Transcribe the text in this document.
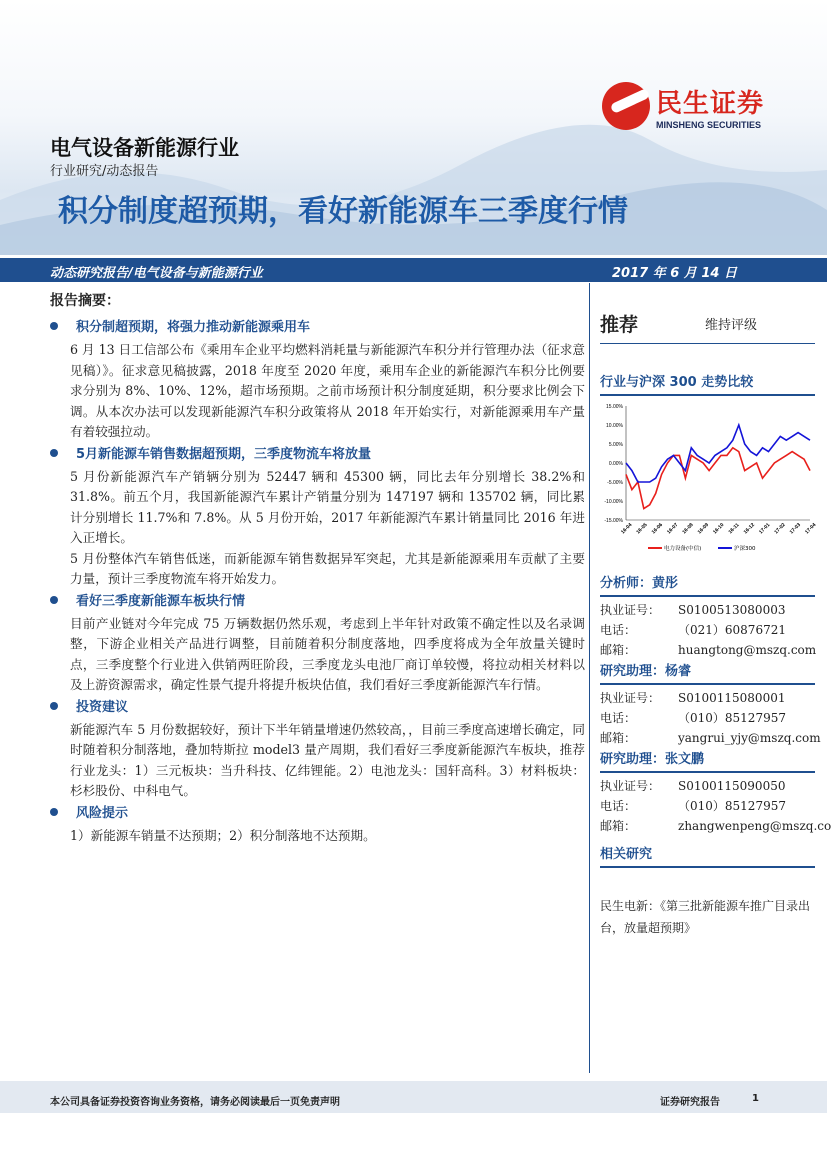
民生证券
MINSHENG SECURITIES
电气设备新能源行业
行业研究/动态报告
积分制度超预期，看好新能源车三季度行情
动态研究报告/电气设备与新能源行业	2017 年 6 月 14 日
报告摘要：
积分制超预期，将强力推动新能源乘用车
6 月 13 日工信部公布《乘用车企业平均燃料消耗量与新能源汽车积分并行管理办法（征求意见稿）》。征求意见稿披露，2018 年度至 2020 年度，乘用车企业的新能源汽车积分比例要求分别为 8%、10%、12%，超市场预期。之前市场预计积分制度延期，积分要求比例会下调。从本次办法可以发现新能源汽车积分政策将从 2018 年开始实行，对新能源乘用车产量有着较强拉动。
5月新能源车销售数据超预期，三季度物流车将放量
5 月份新能源汽车产销辆分别为 52447 辆和 45300 辆，同比去年分别增长 38.2%和 31.8%。前五个月，我国新能源汽车累计产销量分别为 147197 辆和 135702 辆，同比累计分别增长 11.7%和 7.8%。从 5 月份开始，2017 年新能源汽车累计销量同比 2016 年进入正增长。
5 月份整体汽车销售低迷，而新能源车销售数据异军突起，尤其是新能源乘用车贡献了主要力量，预计三季度物流车将开始发力。
看好三季度新能源车板块行情
目前产业链对今年完成 75 万辆数据仍然乐观，考虑到上半年针对政策不确定性以及名录调整，下游企业相关产品进行调整，目前随着积分制度落地，四季度将成为全年放量关键时点，三季度整个行业进入供销两旺阶段，三季度龙头电池厂商订单较慢，将拉动相关材料以及上游资源需求，确定性景气提升将提升板块估值，我们看好三季度新能源汽车行情。
投资建议
新能源汽车 5 月份数据较好，预计下半年销量增速仍然较高，，目前三季度高速增长确定，同时随着积分制落地，叠加特斯拉 model3 量产周期，我们看好三季度新能源汽车板块，推荐行业龙头：1）三元板块：当升科技、亿纬锂能。2）电池龙头：国轩高科。3）材料板块：杉杉股份、中科电气。
风险提示
1）新能源车销量不达预期；2）积分制落地不达预期。
推荐	维持评级
行业与沪深 300 走势比较
15.00%
10.00%
5.00%
0.00%
-5.00%
-10.00%
-15.00%
16-04 16-05 16-06 16-07 16-08 16-09 16-10 16-11 16-12 17-01 17-02 17-03 17-04
电力设备(中信)	沪深300
分析师：黄彤
执业证号：	S0100513080003
电话：	（021）60876721
邮箱：	huangtong@mszq.com
研究助理：杨睿
执业证号：	S0100115080001
电话：	（010）85127957
邮箱：	yangrui_yjy@mszq.com
研究助理：张文鹏
执业证号：	S0100115090050
电话：	（010）85127957
邮箱：	zhangwenpeng@mszq.co
相关研究
民生电新：《第三批新能源车推广目录出台，放量超预期》
本公司具备证券投资咨询业务资格，请务必阅读最后一页免责声明	证券研究报告	1
